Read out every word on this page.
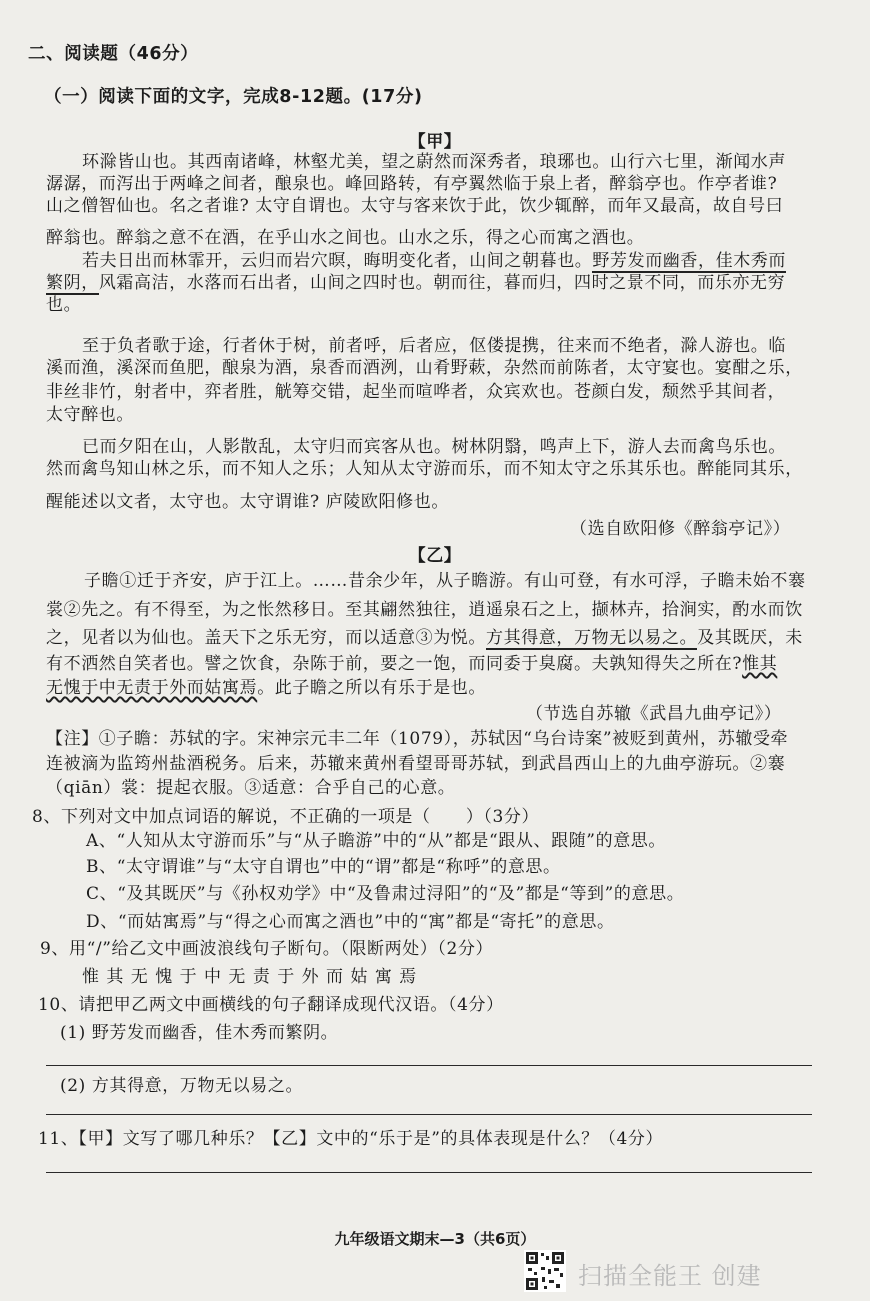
二、阅读题（46分）
（一）阅读下面的文字，完成8-12题。(17分)
【甲】
环滁皆山也。其西南诸峰，林壑尤美，望之蔚然而深秀者，琅琊也。山行六七里，渐闻水声
潺潺，而泻出于两峰之间者，酿泉也。峰回路转，有亭翼然临于泉上者，醉翁亭也。作亭者谁?
山之僧智仙也。名之者谁? 太守自谓也。太守与客来饮于此，饮少辄醉，而年又最高，故自号曰
醉翁也。醉翁之意不在酒，在乎山水之间也。山水之乐，得之心而寓之酒也。
若夫日出而林霏开，云归而岩穴暝，晦明变化者，山间之朝暮也。野芳发而幽香，佳木秀而
繁阴，风霜高洁，水落而石出者，山间之四时也。朝而往，暮而归，四时之景不同，而乐亦无穷
也。
至于负者歌于途，行者休于树，前者呼，后者应，伛偻提携，往来而不绝者，滁人游也。临
溪而渔，溪深而鱼肥，酿泉为酒，泉香而酒洌，山肴野蔌，杂然而前陈者，太守宴也。宴酣之乐，
非丝非竹，射者中，弈者胜，觥筹交错，起坐而喧哗者，众宾欢也。苍颜白发，颓然乎其间者，
太守醉也。
已而夕阳在山，人影散乱，太守归而宾客从也。树林阴翳，鸣声上下，游人去而禽鸟乐也。
然而禽鸟知山林之乐，而不知人之乐；人知从太守游而乐，而不知太守之乐其乐也。醉能同其乐，
醒能述以文者，太守也。太守谓谁? 庐陵欧阳修也。
（选自欧阳修《醉翁亭记》）
【乙】
子瞻①迁于齐安，庐于江上。……昔余少年，从子瞻游。有山可登，有水可浮，子瞻未始不褰
裳②先之。有不得至，为之怅然移日。至其翩然独往，逍遥泉石之上，撷林卉，拾涧实，酌水而饮
之，见者以为仙也。盖天下之乐无穷，而以适意③为悦。方其得意，万物无以易之。及其既厌，未
有不洒然自笑者也。譬之饮食，杂陈于前，要之一饱，而同委于臭腐。夫孰知得失之所在?惟其
无愧于中无责于外而姑寓焉。此子瞻之所以有乐于是也。
（节选自苏辙《武昌九曲亭记》）
【注】①子瞻：苏轼的字。宋神宗元丰二年（1079），苏轼因“乌台诗案”被贬到黄州，苏辙受牵
连被滴为监筠州盐酒税务。后来，苏辙来黄州看望哥哥苏轼，到武昌西山上的九曲亭游玩。②褰
（qiān）裳：提起衣服。③适意：合乎自己的心意。
8、下列对文中加点词语的解说，不正确的一项是（　　）（3分）
A、“人知从太守游而乐”与“从子瞻游”中的“从”都是“跟从、跟随”的意思。
B、“太守谓谁”与“太守自谓也”中的“谓”都是“称呼”的意思。
C、“及其既厌”与《孙权劝学》中“及鲁肃过浔阳”的“及”都是“等到”的意思。
D、“而姑寓焉”与“得之心而寓之酒也”中的“寓”都是“寄托”的意思。
9、用“/”给乙文中画波浪线句子断句。（限断两处）（2分）
惟 其 无 愧 于 中 无 责 于 外 而 姑 寓 焉
10、请把甲乙两文中画横线的句子翻译成现代汉语。（4分）
(1) 野芳发而幽香，佳木秀而繁阴。
(2) 方其得意，万物无以易之。
11、【甲】文写了哪几种乐？【乙】文中的“乐于是”的具体表现是什么？（4分）
九年级语文期末—3（共6页）
扫描全能王 创建
